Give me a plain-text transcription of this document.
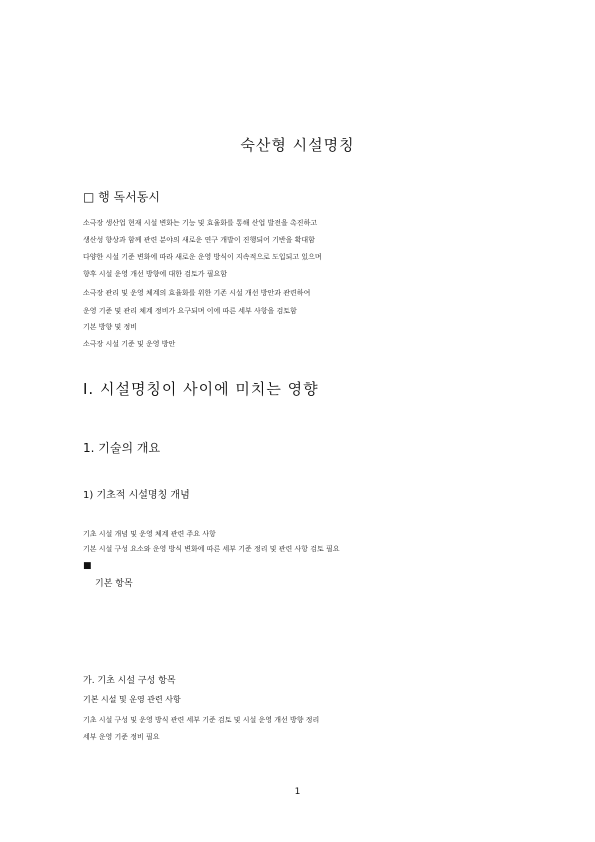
숙산형 시설명칭
□ 행 독서동시
소극장 생산업 현재 시설 변화는 기능 및 효율화를 통해 산업 발전을 촉진하고
생산성 향상과 함께 관련 분야의 새로운 연구 개발이 진행되어 기반을 확대함
다양한 시설 기준 변화에 따라 새로운 운영 방식이 지속적으로 도입되고 있으며
향후 시설 운영 개선 방향에 대한 검토가 필요함
소극장 관리 및 운영 체계의 효율화를 위한 기존 시설 개선 방안과 관련하여
운영 기준 및 관리 체계 정비가 요구되며 이에 따른 세부 사항을 검토함
기본 방향 및 정비
소극장 시설 기준 및 운영 방안
Ⅰ. 시설명칭이 사이에 미치는 영향
1. 기술의 개요
1) 기초적 시설명칭 개념
기초 시설 개념 및 운영 체계 관련 주요 사항
기본 시설 구성 요소와 운영 방식 변화에 따른 세부 기준 정리 및 관련 사항 검토 필요
■
기본 항목
가. 기초 시설 구성 항목
기본 시설 및 운영 관련 사항
기초 시설 구성 및 운영 방식 관련 세부 기준 검토 및 시설 운영 개선 방향 정리
세부 운영 기준 정비 필요
1
